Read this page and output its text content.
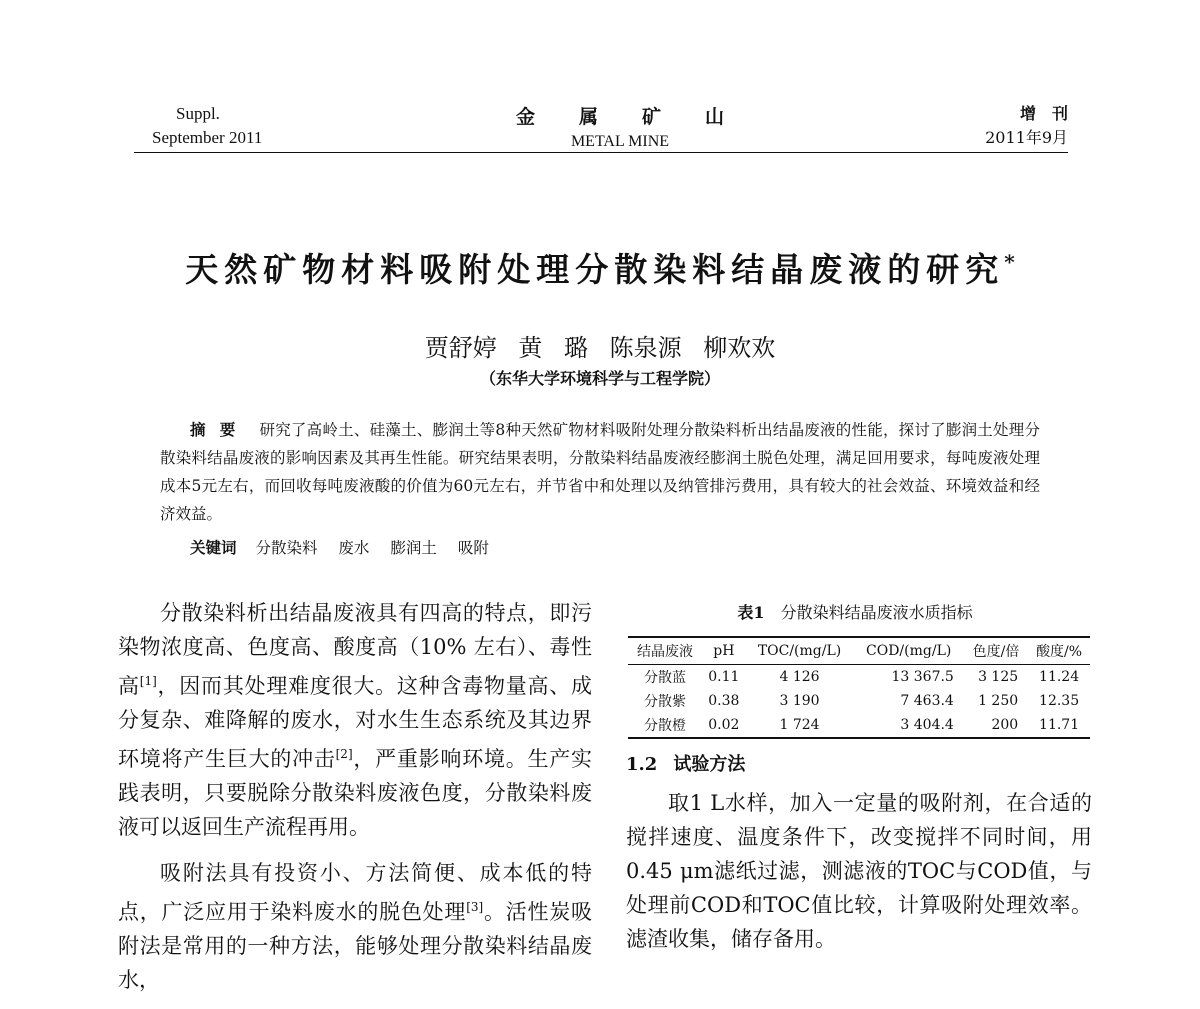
Suppl.
September 2011
金属矿山
METAL MINE
增刊
2011年9月
天然矿物材料吸附处理分散染料结晶废液的研究*
贾舒婷 黄 璐 陈泉源 柳欢欢
（东华大学环境科学与工程学院）
摘要 研究了高岭土、硅藻土、膨润土等8种天然矿物材料吸附处理分散染料析出结晶废液的性能，探讨了膨润土处理分散染料结晶废液的影响因素及其再生性能。研究结果表明，分散染料结晶废液经膨润土脱色处理，满足回用要求，每吨废液处理成本5元左右，而回收每吨废液酸的价值为60元左右，并节省中和处理以及纳管排污费用，具有较大的社会效益、环境效益和经济效益。
关键词 分散染料 废水 膨润土 吸附

分散染料析出结晶废液具有四高的特点，即污染物浓度高、色度高、酸度高（10% 左右）、毒性高[1]，因而其处理难度很大。这种含毒物量高、成分复杂、难降解的废水，对水生生态系统及其边界环境将产生巨大的冲击[2]，严重影响环境。生产实践表明，只要脱除分散染料废液色度，分散染料废液可以返回生产流程再用。

吸附法具有投资小、方法简便、成本低的特点，广泛应用于染料废水的脱色处理[3]。活性炭吸附法是常用的一种方法，能够处理分散染料结晶废水，

表1 分散染料结晶废液水质指标
结晶废液	pH	TOC/(mg/L)	COD/(mg/L)	色度/倍	酸度/%
分散蓝	0.11	4 126	13 367.5	3 125	11.24
分散紫	0.38	3 190	7 463.4	1 250	12.35
分散橙	0.02	1 724	3 404.4	200	11.71
1.2 试验方法

取1 L水样，加入一定量的吸附剂，在合适的搅拌速度、温度条件下，改变搅拌不同时间，用0.45 μm滤纸过滤，测滤液的TOC与COD值，与处理前COD和TOC值比较，计算吸附处理效率。滤渣收集，储存备用。
